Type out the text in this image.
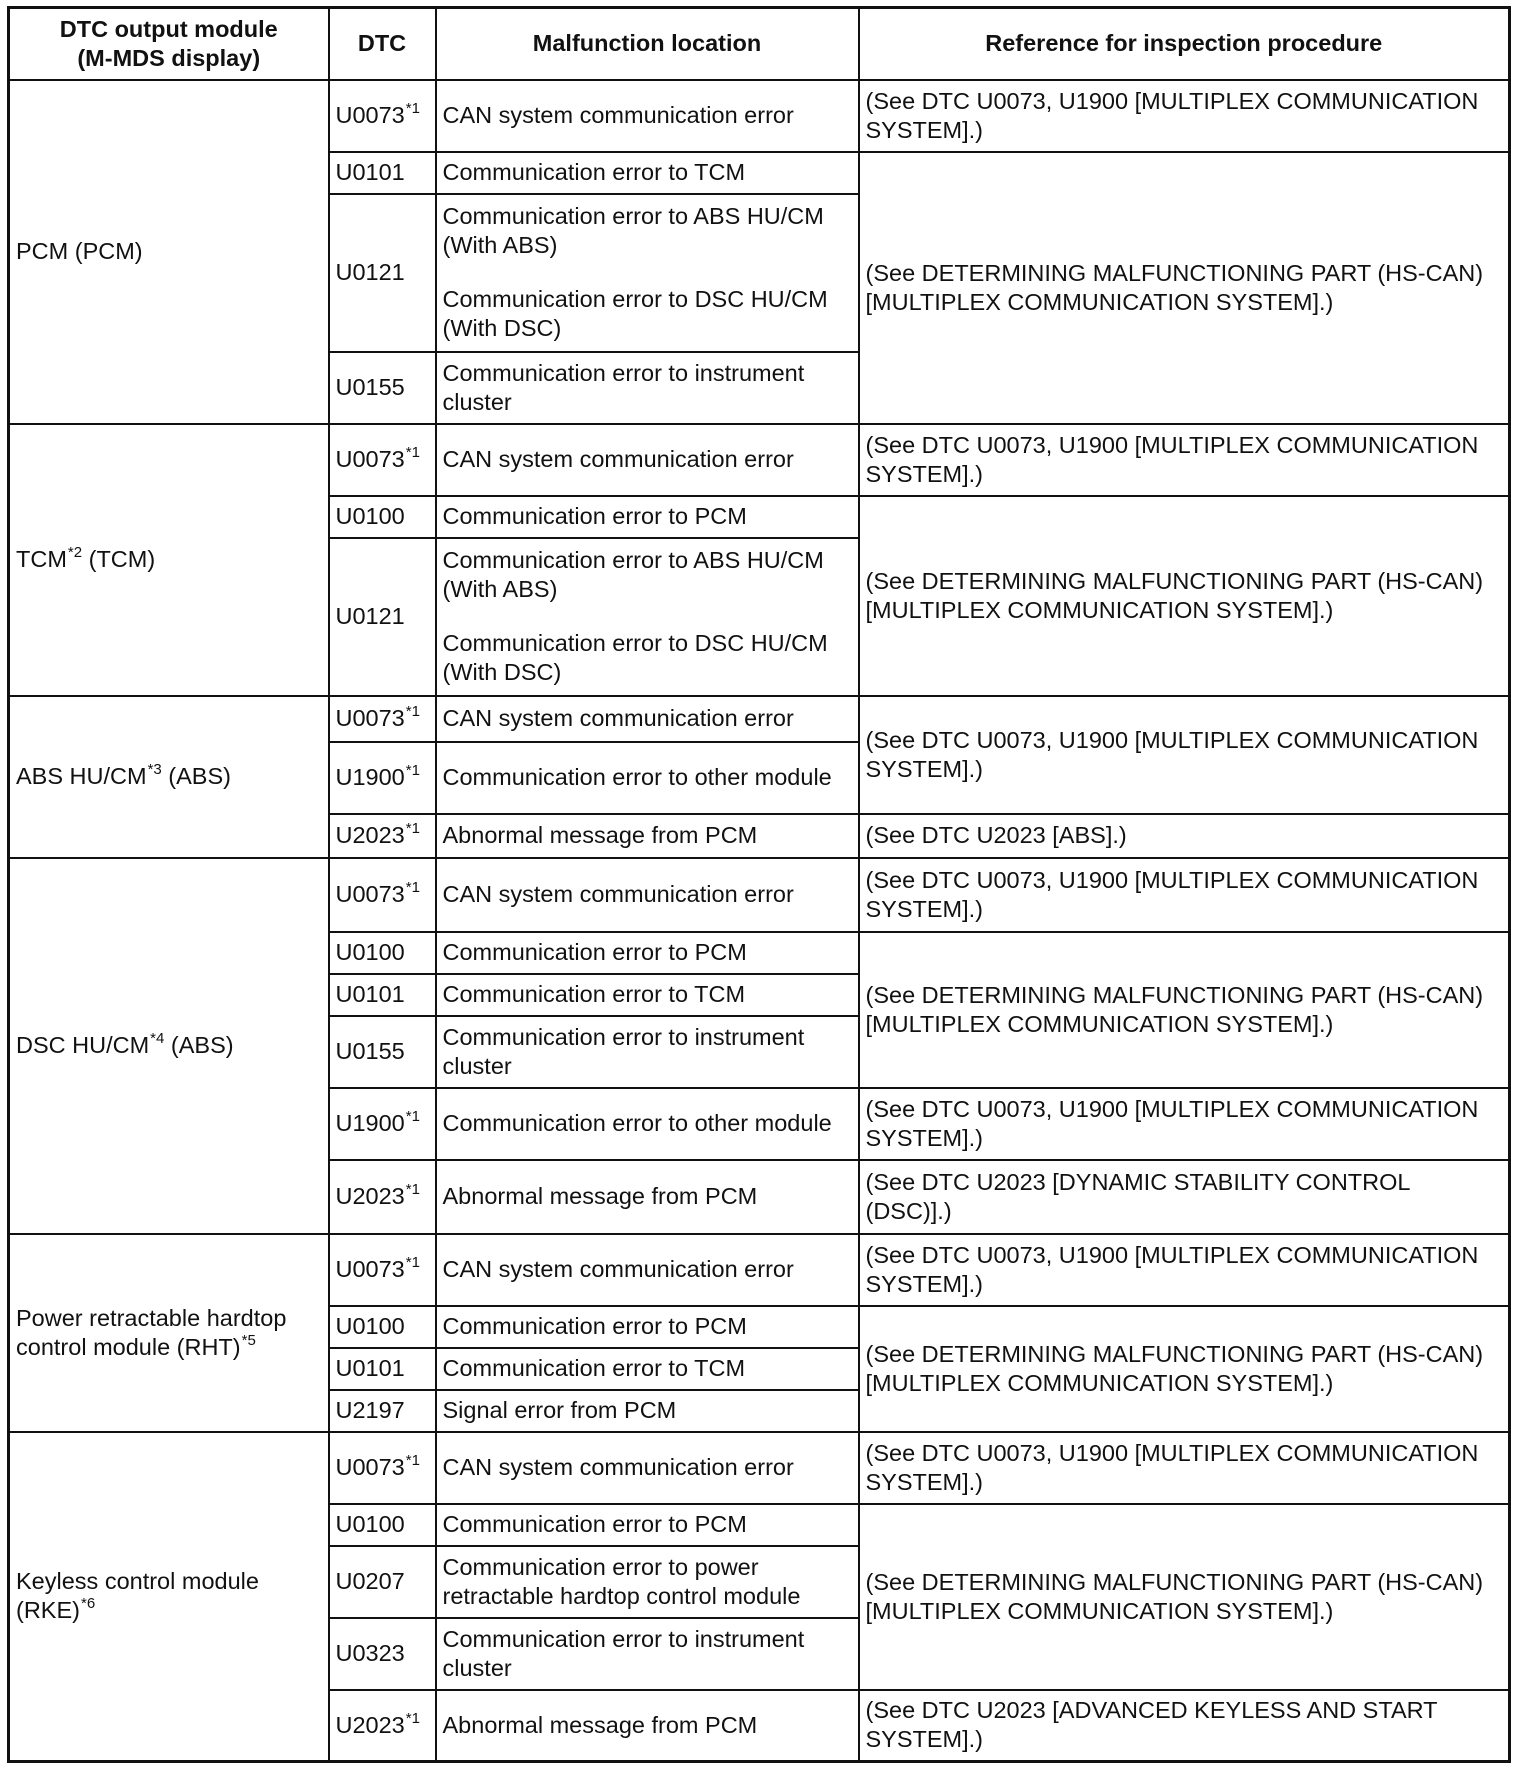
DTC output module
(M-MDS display)	DTC	Malfunction location	Reference for inspection procedure
PCM (PCM)	U0073$^{*1}$	CAN system communication error	(See DTC U0073, U1900 [MULTIPLEX COMMUNICATION SYSTEM].)
	U0101	Communication error to TCM	(See DETERMINING MALFUNCTIONING PART (HS-CAN) [MULTIPLEX COMMUNICATION SYSTEM].)
	U0121	Communication error to ABS HU/CM (With ABS)
Communication error to DSC HU/CM (With DSC)	

	U0155	Communication error to instrument cluster	
TCM$^{*2}$ (TCM)	U0073$^{*1}$	CAN system communication error	(See DTC U0073, U1900 [MULTIPLEX COMMUNICATION SYSTEM].)
	U0100	Communication error to PCM	(See DETERMINING MALFUNCTIONING PART (HS-CAN) [MULTIPLEX COMMUNICATION SYSTEM].)
	U0121	Communication error to ABS HU/CM (With ABS)
Communication error to DSC HU/CM (With DSC)	

ABS HU/CM$^{*3}$ (ABS)	U0073$^{*1}$	CAN system communication error	(See DTC U0073, U1900 [MULTIPLEX COMMUNICATION SYSTEM].)
	U1900$^{*1}$	Communication error to other module	
	U2023$^{*1}$	Abnormal message from PCM	(See DTC U2023 [ABS].)
DSC HU/CM$^{*4}$ (ABS)	U0073$^{*1}$	CAN system communication error	(See DTC U0073, U1900 [MULTIPLEX COMMUNICATION SYSTEM].)
	U0100	Communication error to PCM	(See DETERMINING MALFUNCTIONING PART (HS-CAN) [MULTIPLEX COMMUNICATION SYSTEM].)
	U0101	Communication error to TCM	
	U0155	Communication error to instrument cluster	
	U1900$^{*1}$	Communication error to other module	(See DTC U0073, U1900 [MULTIPLEX COMMUNICATION SYSTEM].)
	U2023$^{*1}$	Abnormal message from PCM	(See DTC U2023 [DYNAMIC STABILITY CONTROL (DSC)].)
Power retractable hardtop control module (RHT)$^{*5}$	U0073$^{*1}$	CAN system communication error	(See DTC U0073, U1900 [MULTIPLEX COMMUNICATION SYSTEM].)
	U0100	Communication error to PCM	(See DETERMINING MALFUNCTIONING PART (HS-CAN) [MULTIPLEX COMMUNICATION SYSTEM].)
	U0101	Communication error to TCM	
	U2197	Signal error from PCM	
Keyless control module (RKE)$^{*6}$	U0073$^{*1}$	CAN system communication error	(See DTC U0073, U1900 [MULTIPLEX COMMUNICATION SYSTEM].)
	U0100	Communication error to PCM	(See DETERMINING MALFUNCTIONING PART (HS-CAN) [MULTIPLEX COMMUNICATION SYSTEM].)
	U0207	Communication error to power retractable hardtop control module	
	U0323	Communication error to instrument cluster	
	U2023$^{*1}$	Abnormal message from PCM	(See DTC U2023 [ADVANCED KEYLESS AND START SYSTEM].)
